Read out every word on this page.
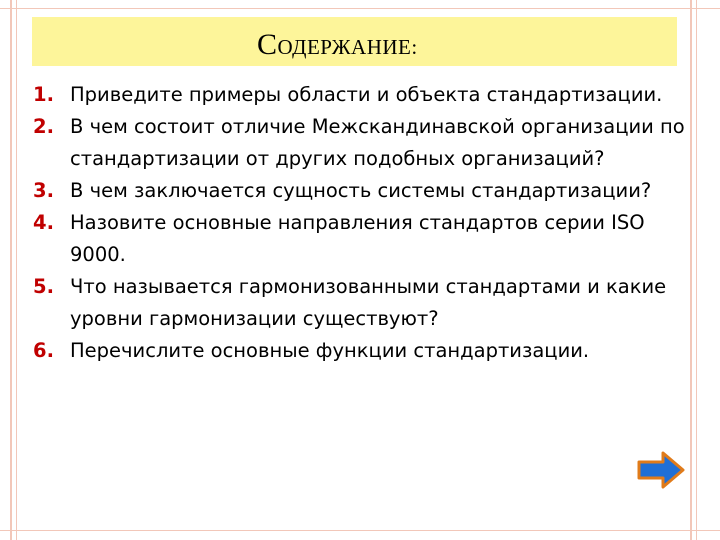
СОДЕРЖАНИЕ:
1. Приведите примеры области и объекта стандартизации.
2. В чем состоит отличие Межскандинавской организации по стандартизации от других подобных организаций?
3. В чем заключается сущность системы стандартизации?
4. Назовите основные направления стандартов серии ISO 9000.
5. Что называется гармонизованными стандартами и какие уровни гармонизации существуют?
6. Перечислите основные функции стандартизации.
